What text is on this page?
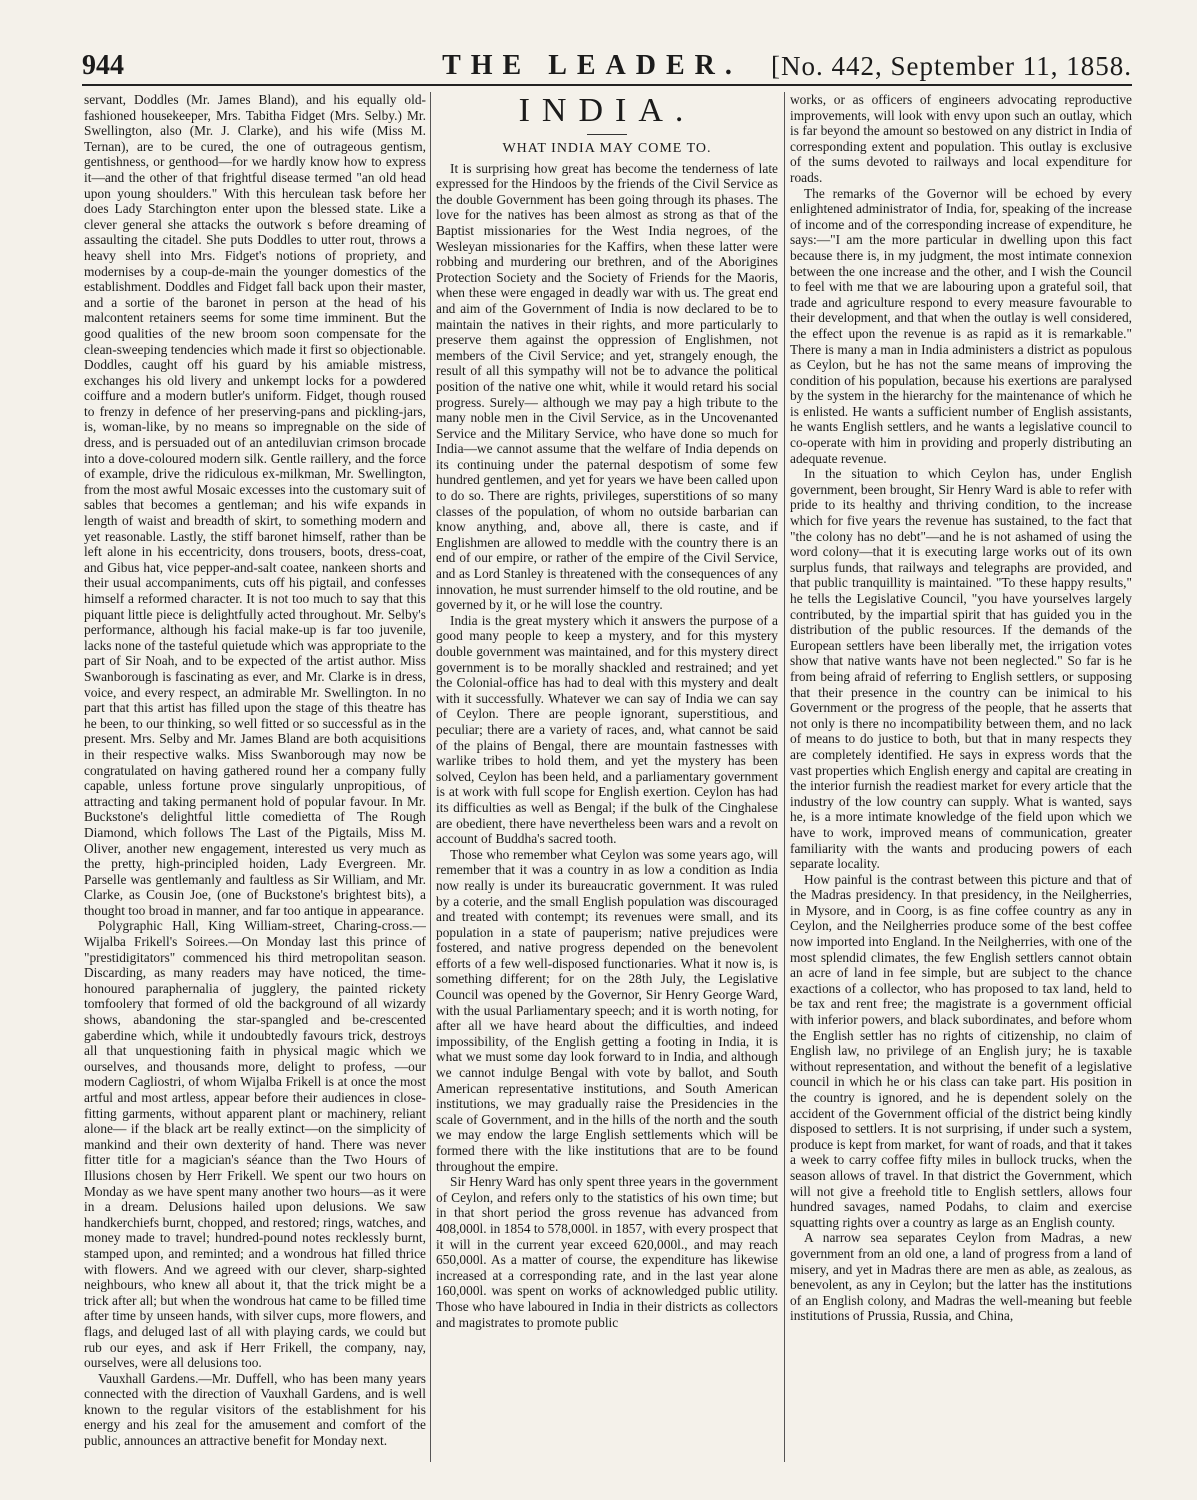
944	THE LEADER.	[No. 442, September 11, 1858.

servant, Doddles (Mr. James Bland), and his equally old-fashioned housekeeper, Mrs. Tabitha Fidget (Mrs. Selby.) Mr. Swellington, also (Mr. J. Clarke), and his wife (Miss M. Ternan), are to be cured, the one of outrageous gentism, gentishness, or genthood—for we hardly know how to express it—and the other of that frightful disease termed "an old head upon young shoulders." With this herculean task before her does Lady Starchington enter upon the blessed state. Like a clever general she attacks the outwork s before dreaming of assaulting the citadel. She puts Doddles to utter rout, throws a heavy shell into Mrs. Fidget's notions of propriety, and modernises by a coup-de-main the younger domestics of the establishment. Doddles and Fidget fall back upon their master, and a sortie of the baronet in person at the head of his malcontent retainers seems for some time imminent. But the good qualities of the new broom soon compensate for the clean-sweeping tendencies which made it first so objectionable. Doddles, caught off his guard by his amiable mistress, exchanges his old livery and unkempt locks for a powdered coiffure and a modern butler's uniform. Fidget, though roused to frenzy in defence of her preserving-pans and pickling-jars, is, woman-like, by no means so impregnable on the side of dress, and is persuaded out of an antediluvian crimson brocade into a dove-coloured modern silk. Gentle raillery, and the force of example, drive the ridiculous ex-milkman, Mr. Swellington, from the most awful Mosaic excesses into the customary suit of sables that becomes a gentleman; and his wife expands in length of waist and breadth of skirt, to something modern and yet reasonable. Lastly, the stiff baronet himself, rather than be left alone in his eccentricity, dons trousers, boots, dress-coat, and Gibus hat, vice pepper-and-salt coatee, nankeen shorts and their usual accompaniments, cuts off his pigtail, and confesses himself a reformed character. It is not too much to say that this piquant little piece is delightfully acted throughout. Mr. Selby's performance, although his facial make-up is far too juvenile, lacks none of the tasteful quietude which was appropriate to the part of Sir Noah, and to be expected of the artist author. Miss Swanborough is fascinating as ever, and Mr. Clarke is in dress, voice, and every respect, an admirable Mr. Swellington. In no part that this artist has filled upon the stage of this theatre has he been, to our thinking, so well fitted or so successful as in the present. Mrs. Selby and Mr. James Bland are both acquisitions in their respective walks. Miss Swanborough may now be congratulated on having gathered round her a company fully capable, unless fortune prove singularly unpropitious, of attracting and taking permanent hold of popular favour. In Mr. Buckstone's delightful little comedietta of The Rough Diamond, which follows The Last of the Pigtails, Miss M. Oliver, another new engagement, interested us very much as the pretty, high-principled hoiden, Lady Evergreen. Mr. Parselle was gentlemanly and faultless as Sir William, and Mr. Clarke, as Cousin Joe, (one of Buckstone's brightest bits), a thought too broad in manner, and far too antique in appearance.

Polygraphic Hall, King William-street, Charing-cross.—Wijalba Frikell's Soirees.—On Monday last this prince of "prestidigitators" commenced his third metropolitan season. Discarding, as many readers may have noticed, the time-honoured paraphernalia of jugglery, the painted rickety tomfoolery that formed of old the background of all wizardy shows, abandoning the star-spangled and be-crescented gaberdine which, while it undoubtedly favours trick, destroys all that unquestioning faith in physical magic which we ourselves, and thousands more, delight to profess, —our modern Cagliostri, of whom Wijalba Frikell is at once the most artful and most artless, appear before their audiences in close-fitting garments, without apparent plant or machinery, reliant alone— if the black art be really extinct—on the simplicity of mankind and their own dexterity of hand. There was never fitter title for a magician's séance than the Two Hours of Illusions chosen by Herr Frikell. We spent our two hours on Monday as we have spent many another two hours—as it were in a dream. Delusions hailed upon delusions. We saw handkerchiefs burnt, chopped, and restored; rings, watches, and money made to travel; hundred-pound notes recklessly burnt, stamped upon, and reminted; and a wondrous hat filled thrice with flowers. And we agreed with our clever, sharp-sighted neighbours, who knew all about it, that the trick might be a trick after all; but when the wondrous hat came to be filled time after time by unseen hands, with silver cups, more flowers, and flags, and deluged last of all with playing cards, we could but rub our eyes, and ask if Herr Frikell, the company, nay, ourselves, were all delusions too.

Vauxhall Gardens.—Mr. Duffell, who has been many years connected with the direction of Vauxhall Gardens, and is well known to the regular visitors of the establishment for his energy and his zeal for the amusement and comfort of the public, announces an attractive benefit for Monday next.

INDIA.
WHAT INDIA MAY COME TO.

It is surprising how great has become the tenderness of late expressed for the Hindoos by the friends of the Civil Service as the double Government has been going through its phases. The love for the natives has been almost as strong as that of the Baptist missionaries for the West India negroes, of the Wesleyan missionaries for the Kaffirs, when these latter were robbing and murdering our brethren, and of the Aborigines Protection Society and the Society of Friends for the Maoris, when these were engaged in deadly war with us. The great end and aim of the Government of India is now declared to be to maintain the natives in their rights, and more particularly to preserve them against the oppression of Englishmen, not members of the Civil Service; and yet, strangely enough, the result of all this sympathy will not be to advance the political position of the native one whit, while it would retard his social progress. Surely— although we may pay a high tribute to the many noble men in the Civil Service, as in the Uncovenanted Service and the Military Service, who have done so much for India—we cannot assume that the welfare of India depends on its continuing under the paternal despotism of some few hundred gentlemen, and yet for years we have been called upon to do so. There are rights, privileges, superstitions of so many classes of the population, of whom no outside barbarian can know anything, and, above all, there is caste, and if Englishmen are allowed to meddle with the country there is an end of our empire, or rather of the empire of the Civil Service, and as Lord Stanley is threatened with the consequences of any innovation, he must surrender himself to the old routine, and be governed by it, or he will lose the country.

India is the great mystery which it answers the purpose of a good many people to keep a mystery, and for this mystery double government was maintained, and for this mystery direct government is to be morally shackled and restrained; and yet the Colonial-office has had to deal with this mystery and dealt with it successfully. Whatever we can say of India we can say of Ceylon. There are people ignorant, superstitious, and peculiar; there are a variety of races, and, what cannot be said of the plains of Bengal, there are mountain fastnesses with warlike tribes to hold them, and yet the mystery has been solved, Ceylon has been held, and a parliamentary government is at work with full scope for English exertion. Ceylon has had its difficulties as well as Bengal; if the bulk of the Cinghalese are obedient, there have nevertheless been wars and a revolt on account of Buddha's sacred tooth.

Those who remember what Ceylon was some years ago, will remember that it was a country in as low a condition as India now really is under its bureaucratic government. It was ruled by a coterie, and the small English population was discouraged and treated with contempt; its revenues were small, and its population in a state of pauperism; native prejudices were fostered, and native progress depended on the benevolent efforts of a few well-disposed functionaries. What it now is, is something different; for on the 28th July, the Legislative Council was opened by the Governor, Sir Henry George Ward, with the usual Parliamentary speech; and it is worth noting, for after all we have heard about the difficulties, and indeed impossibility, of the English getting a footing in India, it is what we must some day look forward to in India, and although we cannot indulge Bengal with vote by ballot, and South American representative institutions, and South American institutions, we may gradually raise the Presidencies in the scale of Government, and in the hills of the north and the south we may endow the large English settlements which will be formed there with the like institutions that are to be found throughout the empire.

Sir Henry Ward has only spent three years in the government of Ceylon, and refers only to the statistics of his own time; but in that short period the gross revenue has advanced from 408,000l. in 1854 to 578,000l. in 1857, with every prospect that it will in the current year exceed 620,000l., and may reach 650,000l. As a matter of course, the expenditure has likewise increased at a corresponding rate, and in the last year alone 160,000l. was spent on works of acknowledged public utility. Those who have laboured in India in their districts as collectors and magistrates to promote public

works, or as officers of engineers advocating reproductive improvements, will look with envy upon such an outlay, which is far beyond the amount so bestowed on any district in India of corresponding extent and population. This outlay is exclusive of the sums devoted to railways and local expenditure for roads.

The remarks of the Governor will be echoed by every enlightened administrator of India, for, speaking of the increase of income and of the corresponding increase of expenditure, he says:—"I am the more particular in dwelling upon this fact because there is, in my judgment, the most intimate connexion between the one increase and the other, and I wish the Council to feel with me that we are labouring upon a grateful soil, that trade and agriculture respond to every measure favourable to their development, and that when the outlay is well considered, the effect upon the revenue is as rapid as it is remarkable." There is many a man in India administers a district as populous as Ceylon, but he has not the same means of improving the condition of his population, because his exertions are paralysed by the system in the hierarchy for the maintenance of which he is enlisted. He wants a sufficient number of English assistants, he wants English settlers, and he wants a legislative council to co-operate with him in providing and properly distributing an adequate revenue.

In the situation to which Ceylon has, under English government, been brought, Sir Henry Ward is able to refer with pride to its healthy and thriving condition, to the increase which for five years the revenue has sustained, to the fact that "the colony has no debt"—and he is not ashamed of using the word colony—that it is executing large works out of its own surplus funds, that railways and telegraphs are provided, and that public tranquillity is maintained. "To these happy results," he tells the Legislative Council, "you have yourselves largely contributed, by the impartial spirit that has guided you in the distribution of the public resources. If the demands of the European settlers have been liberally met, the irrigation votes show that native wants have not been neglected." So far is he from being afraid of referring to English settlers, or supposing that their presence in the country can be inimical to his Government or the progress of the people, that he asserts that not only is there no incompatibility between them, and no lack of means to do justice to both, but that in many respects they are completely identified. He says in express words that the vast properties which English energy and capital are creating in the interior furnish the readiest market for every article that the industry of the low country can supply. What is wanted, says he, is a more intimate knowledge of the field upon which we have to work, improved means of communication, greater familiarity with the wants and producing powers of each separate locality.

How painful is the contrast between this picture and that of the Madras presidency. In that presidency, in the Neilgherries, in Mysore, and in Coorg, is as fine coffee country as any in Ceylon, and the Neilgherries produce some of the best coffee now imported into England. In the Neilgherries, with one of the most splendid climates, the few English settlers cannot obtain an acre of land in fee simple, but are subject to the chance exactions of a collector, who has proposed to tax land, held to be tax and rent free; the magistrate is a government official with inferior powers, and black subordinates, and before whom the English settler has no rights of citizenship, no claim of English law, no privilege of an English jury; he is taxable without representation, and without the benefit of a legislative council in which he or his class can take part. His position in the country is ignored, and he is dependent solely on the accident of the Government official of the district being kindly disposed to settlers. It is not surprising, if under such a system, produce is kept from market, for want of roads, and that it takes a week to carry coffee fifty miles in bullock trucks, when the season allows of travel. In that district the Government, which will not give a freehold title to English settlers, allows four hundred savages, named Podahs, to claim and exercise squatting rights over a country as large as an English county.

A narrow sea separates Ceylon from Madras, a new government from an old one, a land of progress from a land of misery, and yet in Madras there are men as able, as zealous, as benevolent, as any in Ceylon; but the latter has the institutions of an English colony, and Madras the well-meaning but feeble institutions of Prussia, Russia, and China,
